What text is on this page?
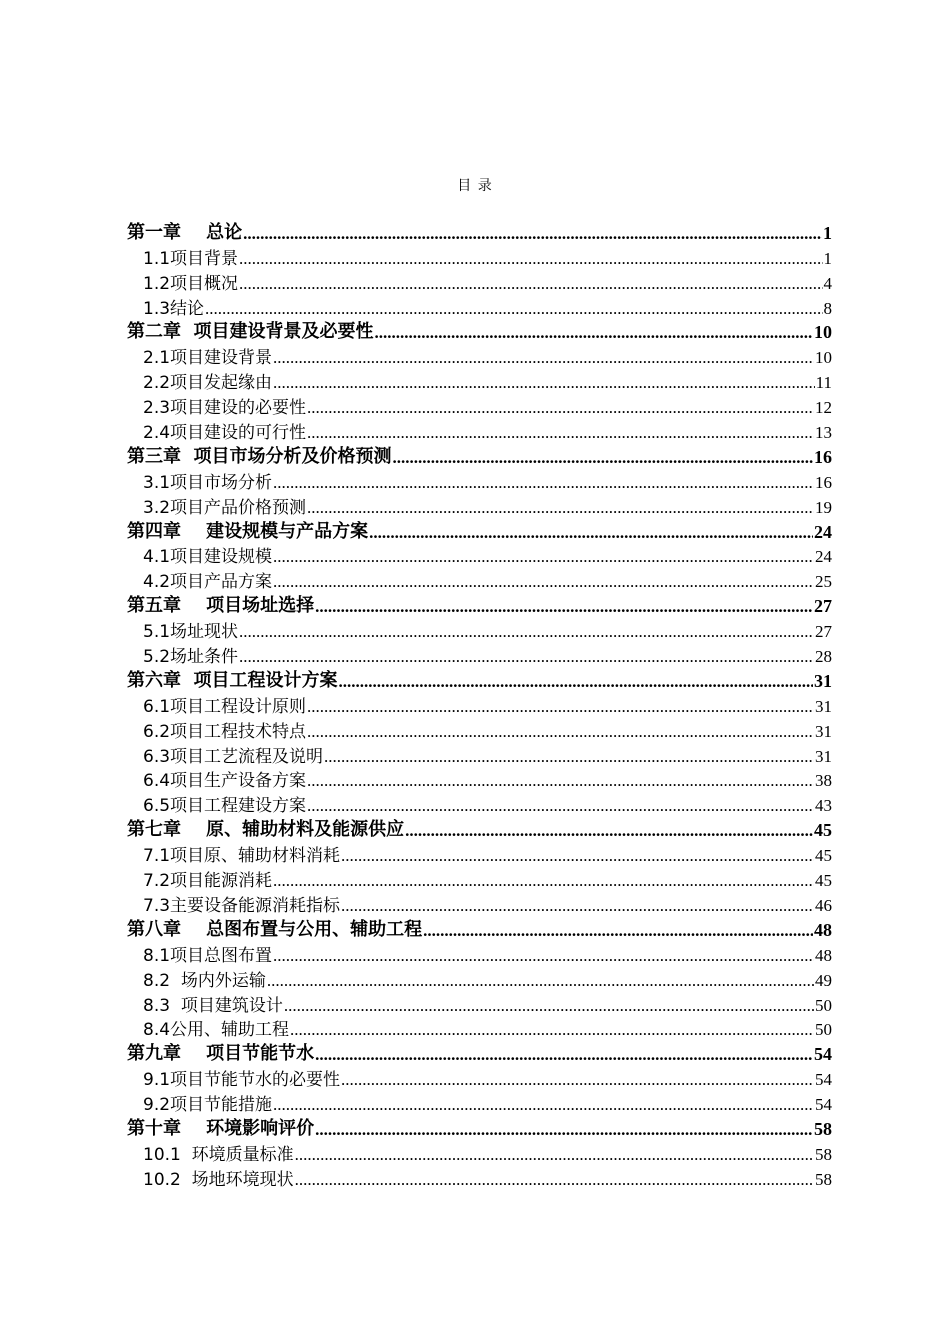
目 录
第一章    总论 .....	1
1.1项目背景 .....	1
1.2项目概况 .....	4
1.3结论 .....	8
第二章  项目建设背景及必要性 .....	10
2.1项目建设背景 .....	10
2.2项目发起缘由 .....	11
2.3项目建设的必要性 .....	12
2.4项目建设的可行性 .....	13
第三章  项目市场分析及价格预测 .....	16
3.1项目市场分析 .....	16
3.2项目产品价格预测 .....	19
第四章    建设规模与产品方案 .....	24
4.1项目建设规模 .....	24
4.2项目产品方案 .....	25
第五章    项目场址选择 .....	27
5.1场址现状 .....	27
5.2场址条件 .....	28
第六章  项目工程设计方案 .....	31
6.1项目工程设计原则 .....	31
6.2项目工程技术特点 .....	31
6.3项目工艺流程及说明 .....	31
6.4项目生产设备方案 .....	38
6.5项目工程建设方案 .....	43
第七章    原、辅助材料及能源供应 .....	45
7.1项目原、辅助材料消耗 .....	45
7.2项目能源消耗 .....	45
7.3主要设备能源消耗指标 .....	46
第八章    总图布置与公用、辅助工程 .....	48
8.1项目总图布置 .....	48
8.2  场内外运输 .....	49
8.3  项目建筑设计 .....	50
8.4公用、辅助工程 .....	50
第九章    项目节能节水 .....	54
9.1项目节能节水的必要性 .....	54
9.2项目节能措施 .....	54
第十章    环境影响评价 .....	58
10.1  环境质量标准 .....	58
10.2  场地环境现状 .....	58
